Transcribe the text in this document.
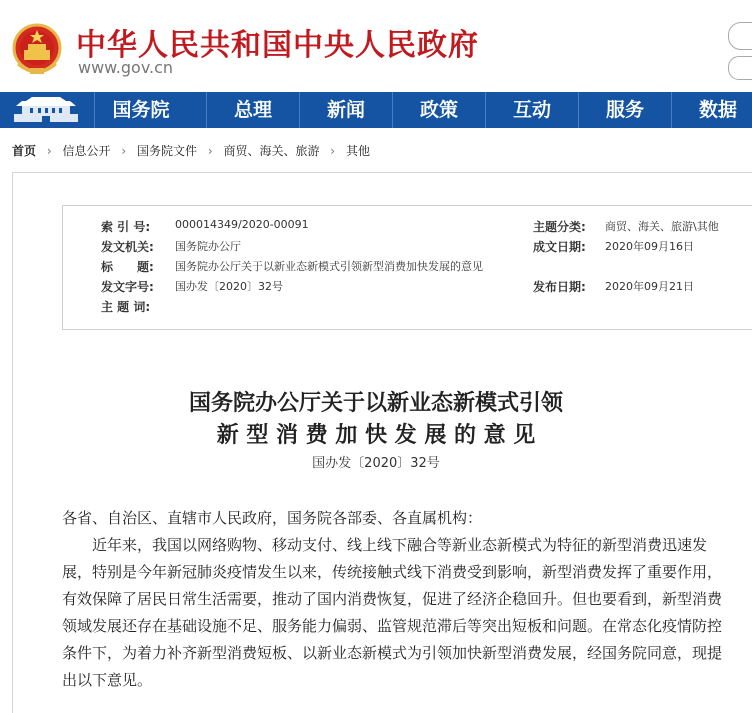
中华人民共和国中央人民政府
www.gov.cn
国务院	总理	新闻	政策	互动	服务	数据
首页 › 信息公开 › 国务院文件 › 商贸、海关、旅游 › 其他
索 引 号: 000014349/2020-00091	主题分类: 商贸、海关、旅游\其他
发文机关: 国务院办公厅	成文日期: 2020年09月16日
标　　题: 国务院办公厅关于以新业态新模式引领新型消费加快发展的意见
发文字号: 国办发〔2020〕32号	发布日期: 2020年09月21日
主 题 词:
国务院办公厅关于以新业态新模式引领
新 型 消 费 加 快 发 展 的 意 见
国办发〔2020〕32号

各省、自治区、直辖市人民政府，国务院各部委、各直属机构：

近年来，我国以网络购物、移动支付、线上线下融合等新业态新模式为特征的新型消费迅速发展，特别是今年新冠肺炎疫情发生以来，传统接触式线下消费受到影响，新型消费发挥了重要作用，有效保障了居民日常生活需要，推动了国内消费恢复，促进了经济企稳回升。但也要看到，新型消费领域发展还存在基础设施不足、服务能力偏弱、监管规范滞后等突出短板和问题。在常态化疫情防控条件下，为着力补齐新型消费短板、以新业态新模式为引领加快新型消费发展，经国务院同意，现提出以下意见。
